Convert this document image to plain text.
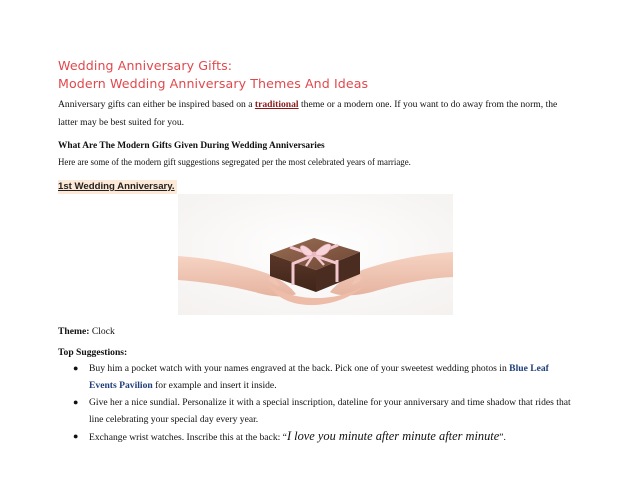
Wedding Anniversary Gifts:
Modern Wedding Anniversary Themes And Ideas

Anniversary gifts can either be inspired based on a traditional theme or a modern one. If you want to do away from the norm, the latter may be best suited for you.

What Are The Modern Gifts Given During Wedding Anniversaries

Here are some of the modern gift suggestions segregated per the most celebrated years of marriage.

1st Wedding Anniversary.

Theme: Clock

Top Suggestions:

● Buy him a pocket watch with your names engraved at the back. Pick one of your sweetest wedding photos in Blue Leaf Events Pavilion for example and insert it inside.
● Give her a nice sundial. Personalize it with a special inscription, dateline for your anniversary and time shadow that rides that line celebrating your special day every year.
● Exchange wrist watches. Inscribe this at the back: “I love you minute after minute after minute”.
